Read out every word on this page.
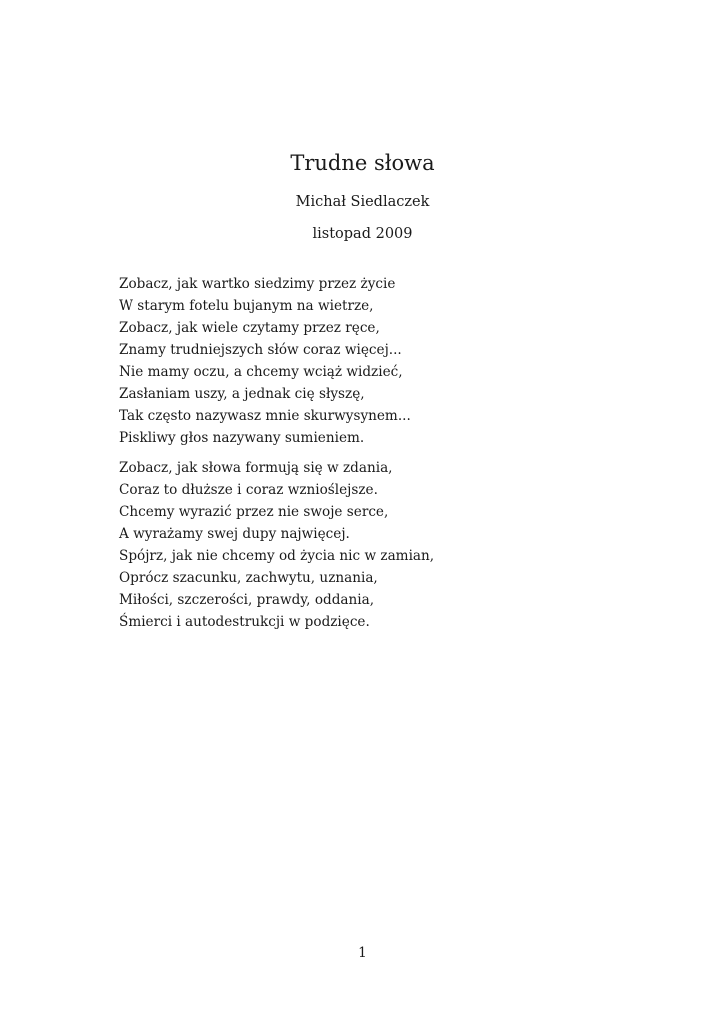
Trudne słowa
Michał Siedlaczek
listopad 2009
Zobacz, jak wartko siedzimy przez życie
W starym fotelu bujanym na wietrze,
Zobacz, jak wiele czytamy przez ręce,
Znamy trudniejszych słów coraz więcej...
Nie mamy oczu, a chcemy wciąż widzieć,
Zasłaniam uszy, a jednak cię słyszę,
Tak często nazywasz mnie skurwysynem...
Piskliwy głos nazywany sumieniem.
Zobacz, jak słowa formują się w zdania,
Coraz to dłuższe i coraz wznioślejsze.
Chcemy wyrazić przez nie swoje serce,
A wyrażamy swej dupy najwięcej.
Spójrz, jak nie chcemy od życia nic w zamian,
Oprócz szacunku, zachwytu, uznania,
Miłości, szczerości, prawdy, oddania,
Śmierci i autodestrukcji w podzięce.
1
